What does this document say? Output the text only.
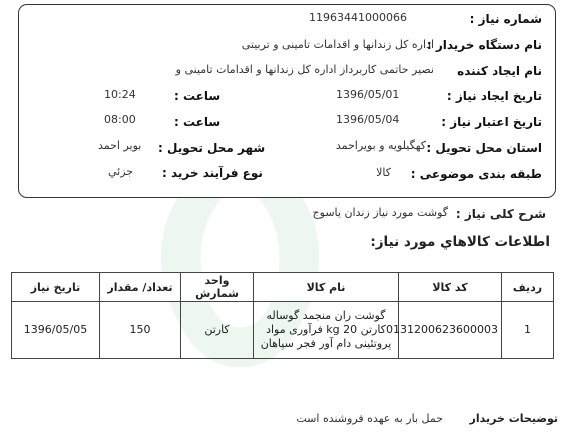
شماره نیاز :
11963441000066
نام دستگاه خریدار :
اداره کل زندانها و اقدامات تامینی و تربیتی
نام ایجاد کننده
نصیر حاتمی کاربرداز اداره کل زندانها و اقدامات تامینی و
تاریخ ایجاد نیاز :
1396/05/01
ساعت :
10:24
تاریخ اعتبار نیاز :
1396/05/04
ساعت :
08:00
استان محل تحویل :
کهگیلویه و بویراحمد
شهر محل تحویل :
بویر احمد
طبقه بندی موضوعی :
کالا
نوع فرآیند خرید :
جزئي
شرح کلی نیاز :
گوشت مورد نیاز زندان یاسوج
اطلاعات کالاهاي مورد نیاز:
ردیف	کد کالا	نام کالا	واحد شمارش	تعداد/ مقدار	تاریخ نیاز
1	0131200623600003	گوشت ران منجمد گوساله کارتن 20 kg فرآوری مواد پروتئینی دام آور فجر سپاهان	کارتن	150	1396/05/05
توضیحات خریدار
حمل بار به عهده فروشنده است
